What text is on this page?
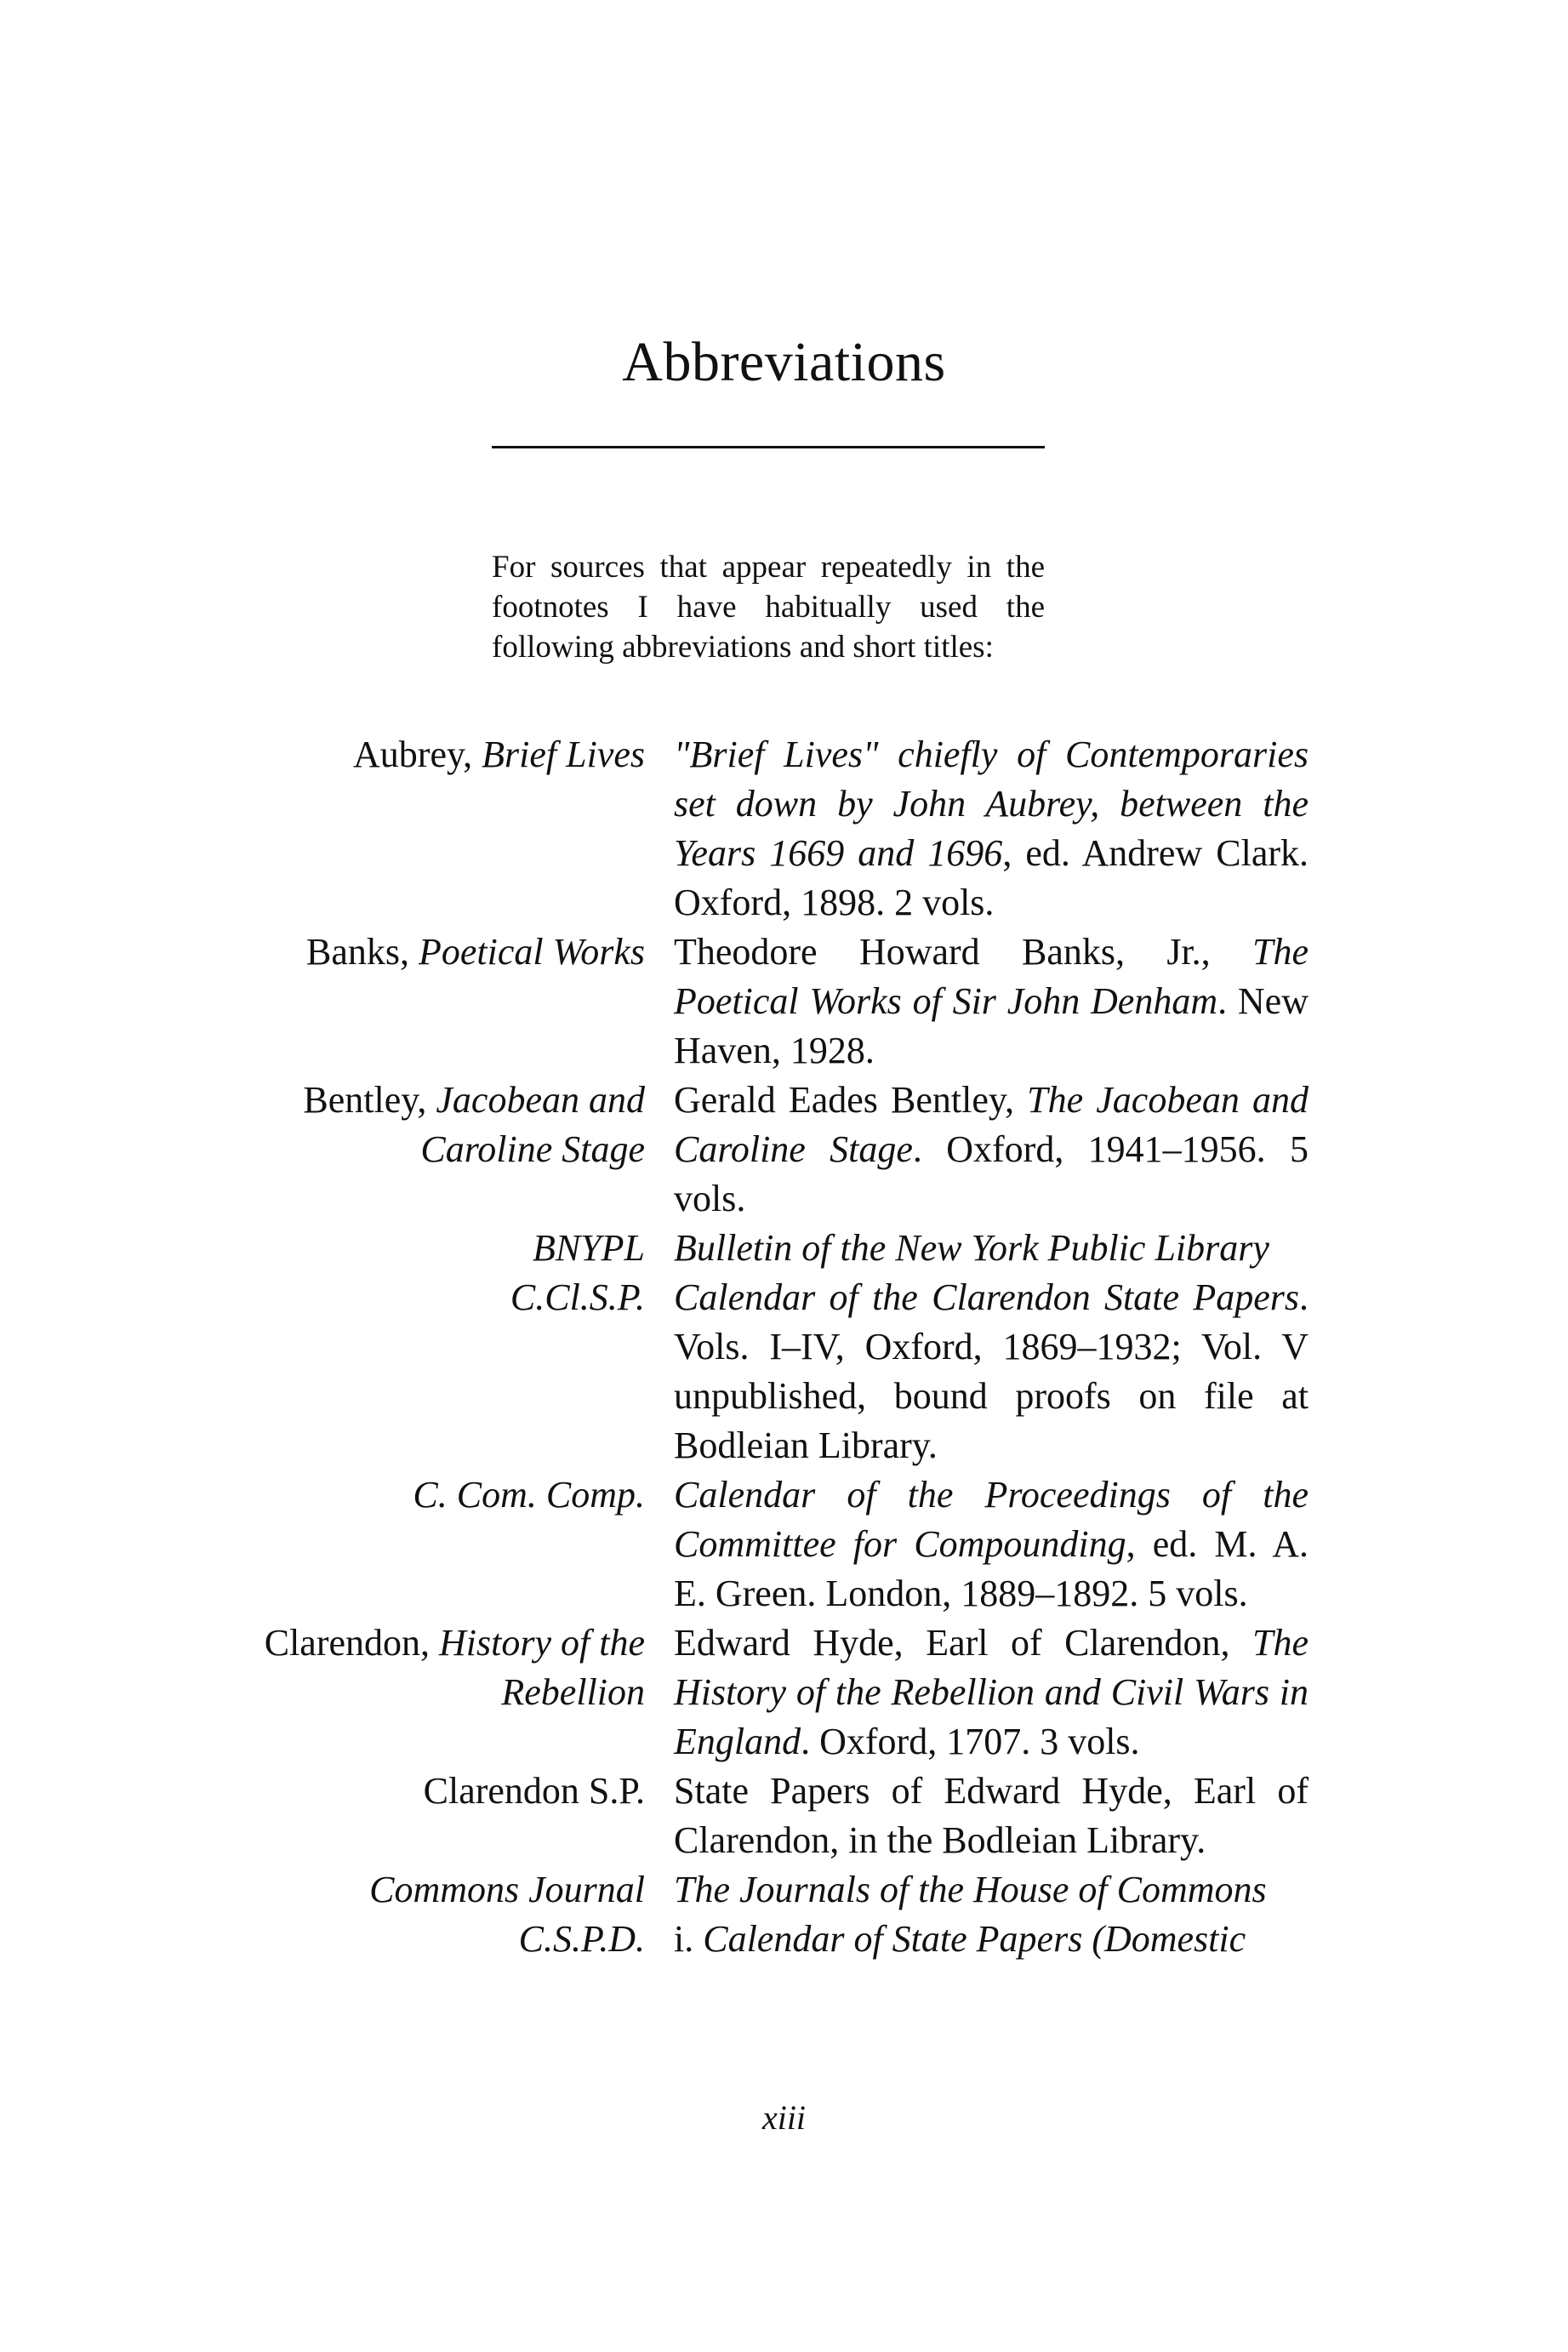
Abbreviations

For sources that appear repeatedly in the footnotes I have habitually used the following abbreviations and short titles:

Aubrey, Brief Lives "Brief Lives" chiefly of Contemporaries set down by John Aubrey, between the Years 1669 and 1696, ed. Andrew Clark. Oxford, 1898. 2 vols.
Banks, Poetical Works Theodore Howard Banks, Jr., The Poetical Works of Sir John Denham. New Haven, 1928.
Bentley, Jacobean and Caroline Stage
Gerald Eades Bentley, The Jacobean and Caroline Stage. Oxford, 1941–1956. 5 vols.
BNYPL Bulletin of the New York Public Library
C.Cl.S.P. Calendar of the Clarendon State Papers. Vols. I–IV, Oxford, 1869–1932; Vol. V unpublished, bound proofs on file at Bodleian Library.
C. Com. Comp. Calendar of the Proceedings of the Committee for Compounding, ed. M. A. E. Green. London, 1889–1892. 5 vols.
Clarendon, History of the Rebellion
Edward Hyde, Earl of Clarendon, The History of the Rebellion and Civil Wars in England. Oxford, 1707. 3 vols.
Clarendon S.P. State Papers of Edward Hyde, Earl of Clarendon, in the Bodleian Library.
Commons Journal The Journals of the House of Commons
C.S.P.D. i. Calendar of State Papers (Domestic
xiii
